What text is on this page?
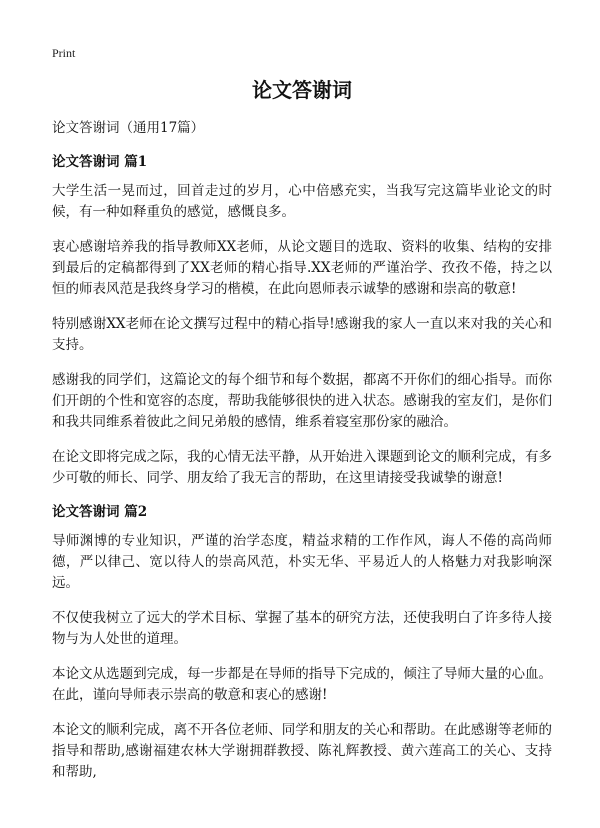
Print
论文答谢词
论文答谢词（通用17篇）
论文答谢词 篇1

大学生活一晃而过，回首走过的岁月，心中倍感充实，当我写完这篇毕业论文的时候，有一种如释重负的感觉，感慨良多。

衷心感谢培养我的指导教师XX老师，从论文题目的选取、资料的收集、结构的安排到最后的定稿都得到了XX老师的精心指导.XX老师的严谨治学、孜孜不倦，持之以恒的师表风范是我终身学习的楷模，在此向恩师表示诚挚的感谢和崇高的敬意!

特别感谢XX老师在论文撰写过程中的精心指导!感谢我的家人一直以来对我的关心和支持。

感谢我的同学们，这篇论文的每个细节和每个数据，都离不开你们的细心指导。而你们开朗的个性和宽容的态度，帮助我能够很快的进入状态。感谢我的室友们，是你们和我共同维系着彼此之间兄弟般的感情，维系着寝室那份家的融洽。

在论文即将完成之际，我的心情无法平静，从开始进入课题到论文的顺利完成，有多少可敬的师长、同学、朋友给了我无言的帮助，在这里请接受我诚挚的谢意!

论文答谢词 篇2

导师渊博的专业知识，严谨的治学态度，精益求精的工作作风，诲人不倦的高尚师德，严以律己、宽以待人的崇高风范，朴实无华、平易近人的人格魅力对我影响深远。

不仅使我树立了远大的学术目标、掌握了基本的研究方法，还使我明白了许多待人接物与为人处世的道理。

本论文从选题到完成，每一步都是在导师的指导下完成的，倾注了导师大量的心血。在此，谨向导师表示崇高的敬意和衷心的感谢!

本论文的顺利完成，离不开各位老师、同学和朋友的关心和帮助。在此感谢等老师的指导和帮助,感谢福建农林大学谢拥群教授、陈礼辉教授、黄六莲高工的关心、支持和帮助,
